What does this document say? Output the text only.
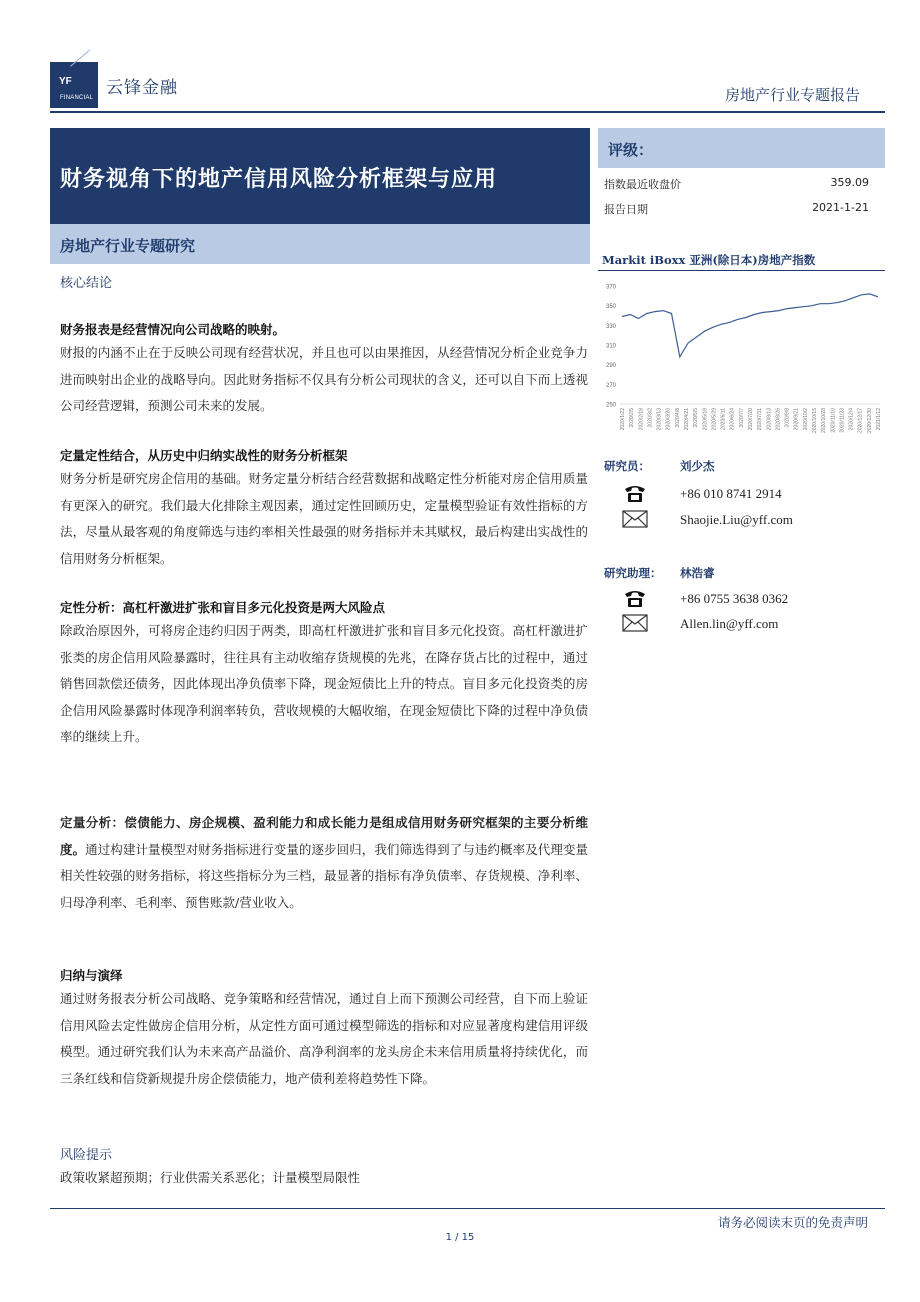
YF
FINANCIAL 云锋金融	房地产行业专题报告
财务视角下的地产信用风险分析框架与应用
房地产行业专题研究
核心结论
财务报表是经营情况向公司战略的映射。
财报的内涵不止在于反映公司现有经营状况，并且也可以由果推因，从经营情况分析企业竞争力进而映射出企业的战略导向。因此财务指标不仅具有分析公司现状的含义，还可以自下而上透视公司经营逻辑，预测公司未来的发展。
定量定性结合，从历史中归纳实战性的财务分析框架
财务分析是研究房企信用的基础。财务定量分析结合经营数据和战略定性分析能对房企信用质量有更深入的研究。我们最大化排除主观因素，通过定性回顾历史，定量模型验证有效性指标的方法，尽量从最客观的角度筛选与违约率相关性最强的财务指标并未其赋权，最后构建出实战性的信用财务分析框架。
定性分析：高杠杆激进扩张和盲目多元化投资是两大风险点
除政治原因外，可将房企违约归因于两类，即高杠杆激进扩张和盲目多元化投资。高杠杆激进扩张类的房企信用风险暴露时，往往具有主动收缩存货规模的先兆，在降存货占比的过程中，通过销售回款偿还债务，因此体现出净负债率下降，现金短债比上升的特点。盲目多元化投资类的房企信用风险暴露时体现净利润率转负，营收规模的大幅收缩，在现金短债比下降的过程中净负债率的继续上升。
定量分析：偿债能力、房企规模、盈利能力和成长能力是组成信用财务研究框架的主要分析维度。通过构建计量模型对财务指标进行变量的逐步回归，我们筛选得到了与违约概率及代理变量相关性较强的财务指标，将这些指标分为三档，最显著的指标有净负债率、存货规模、净利率、归母净利率、毛利率、预售账款/营业收入。
归纳与演绎
通过财务报表分析公司战略、竞争策略和经营情况，通过自上而下预测公司经营，自下而上验证信用风险去定性做房企信用分析，从定性方面可通过模型筛选的指标和对应显著度构建信用评级模型。通过研究我们认为未来高产品溢价、高净利润率的龙头房企未来信用质量将持续优化，而三条红线和信贷新规提升房企偿债能力，地产债利差将趋势性下降。
风险提示
政策收紧超预期；行业供需关系恶化；计量模型局限性
评级：
指数最近收盘价	359.09
报告日期	2021-1-21
Markit iBoxx 亚洲(除日本)房地产指数
370
350
330
310
290
270
250
2020/1/22 2020/2/5 2020/2/18 2020/3/2 2020/3/13 2020/3/26 2020/4/8 2020/4/21 2020/5/5 2020/5/18 2020/5/29 2020/6/11 2020/6/24 2020/7/7 2020/7/20 2020/7/31 2020/8/13 2020/8/26 2020/9/8 2020/9/21 2020/10/2 2020/10/15 2020/10/28 2020/11/10 2020/11/23 2020/12/4 2020/12/17 2020/12/30 2021/1/12
研究员：	刘少杰
+86 010 8741 2914
Shaojie.Liu@yff.com
研究助理： 林浩睿
+86 0755 3638 0362
Allen.lin@yff.com
请务必阅读末页的免责声明
1 / 15
